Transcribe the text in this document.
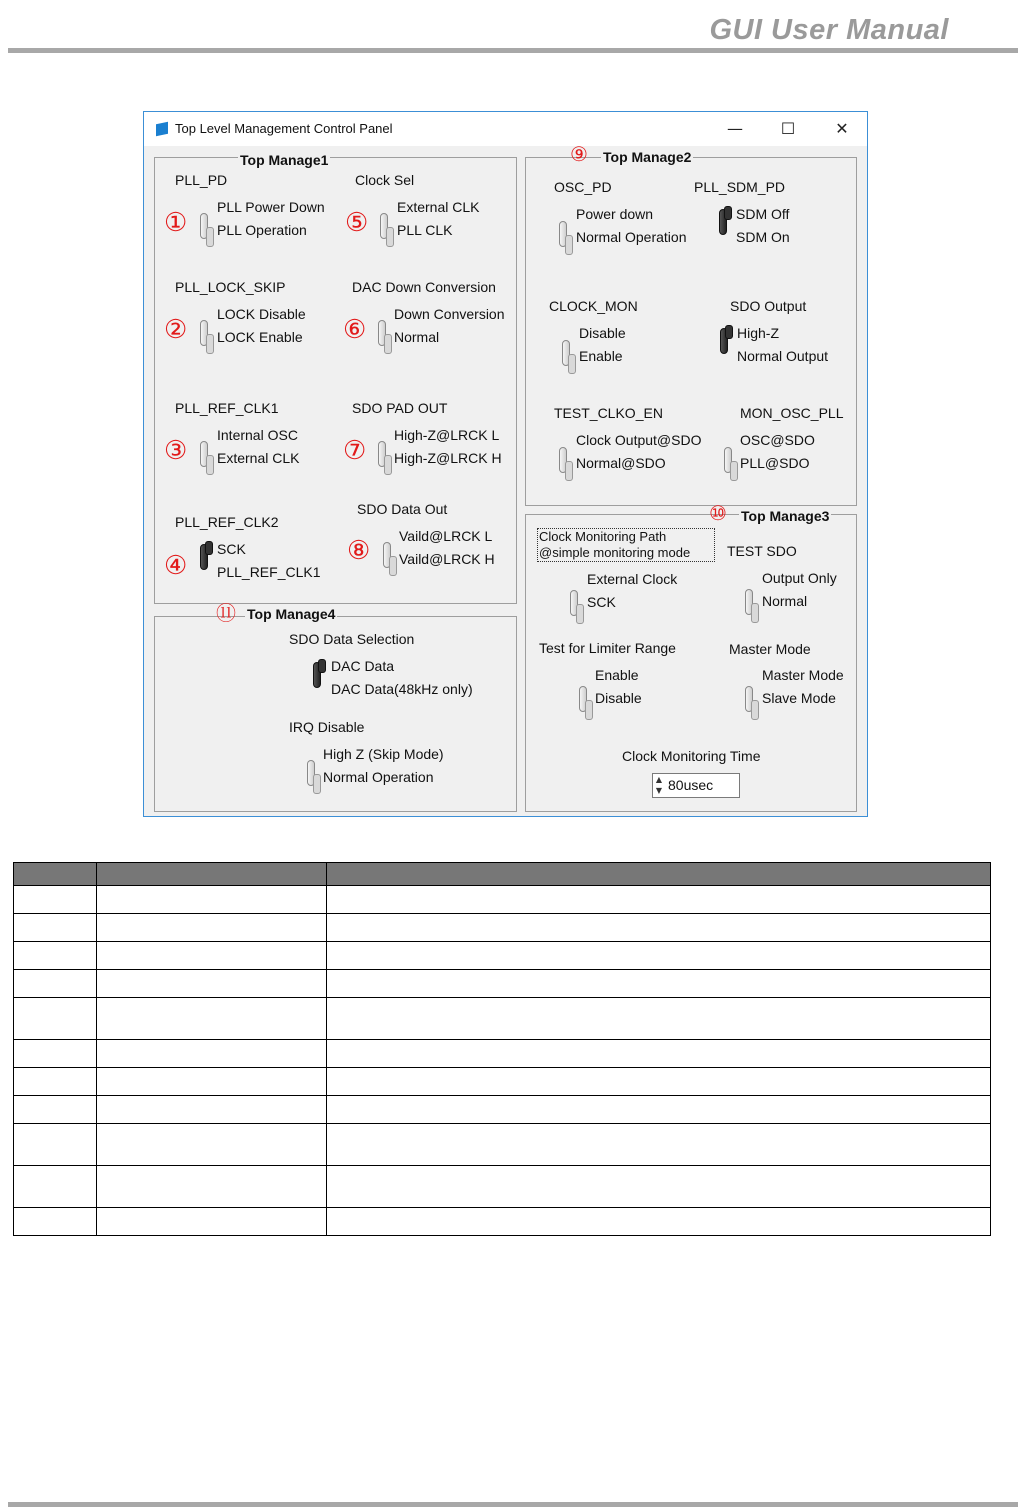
GUI User Manual
Top Level Management Control Panel	—	☐	✕
Top Manage1
PLL_PD
① PLL Power Down
PLL Operation
PLL_LOCK_SKIP
② LOCK Disable
LOCK Enable
PLL_REF_CLK1
③ Internal OSC
External CLK
PLL_REF_CLK2
④
SCK
PLL_REF_CLK1
Clock Sel
⑤ External CLK
PLL CLK
DAC Down Conversion
⑥ Down Conversion
Normal
SDO PAD OUT
⑦ High-Z@LRCK L
High-Z@LRCK H
SDO Data Out
⑧ Vaild@LRCK L
Vaild@LRCK H
⑪ Top Manage4
SDO Data Selection
DAC Data
DAC Data(48kHz only)
IRQ Disable
High Z (Skip Mode)
Normal Operation
⑨ Top Manage2
OSC_PD
Power down
Normal Operation
PLL_SDM_PD
SDM Off
SDM On
CLOCK_MON
Disable
Enable
SDO Output
High-Z
Normal Output
TEST_CLKO_EN
Clock Output@SDO
Normal@SDO
MON_OSC_PLL
OSC@SDO
PLL@SDO
⑩ Top Manage3
Clock Monitoring Path
@simple monitoring mode
External Clock
SCK
TEST SDO
Output Only
Normal
Test for Limiter Range
Enable
Disable
Master Mode
Master Mode
Slave Mode
Clock Monitoring Time
▲
▼ 80usec
